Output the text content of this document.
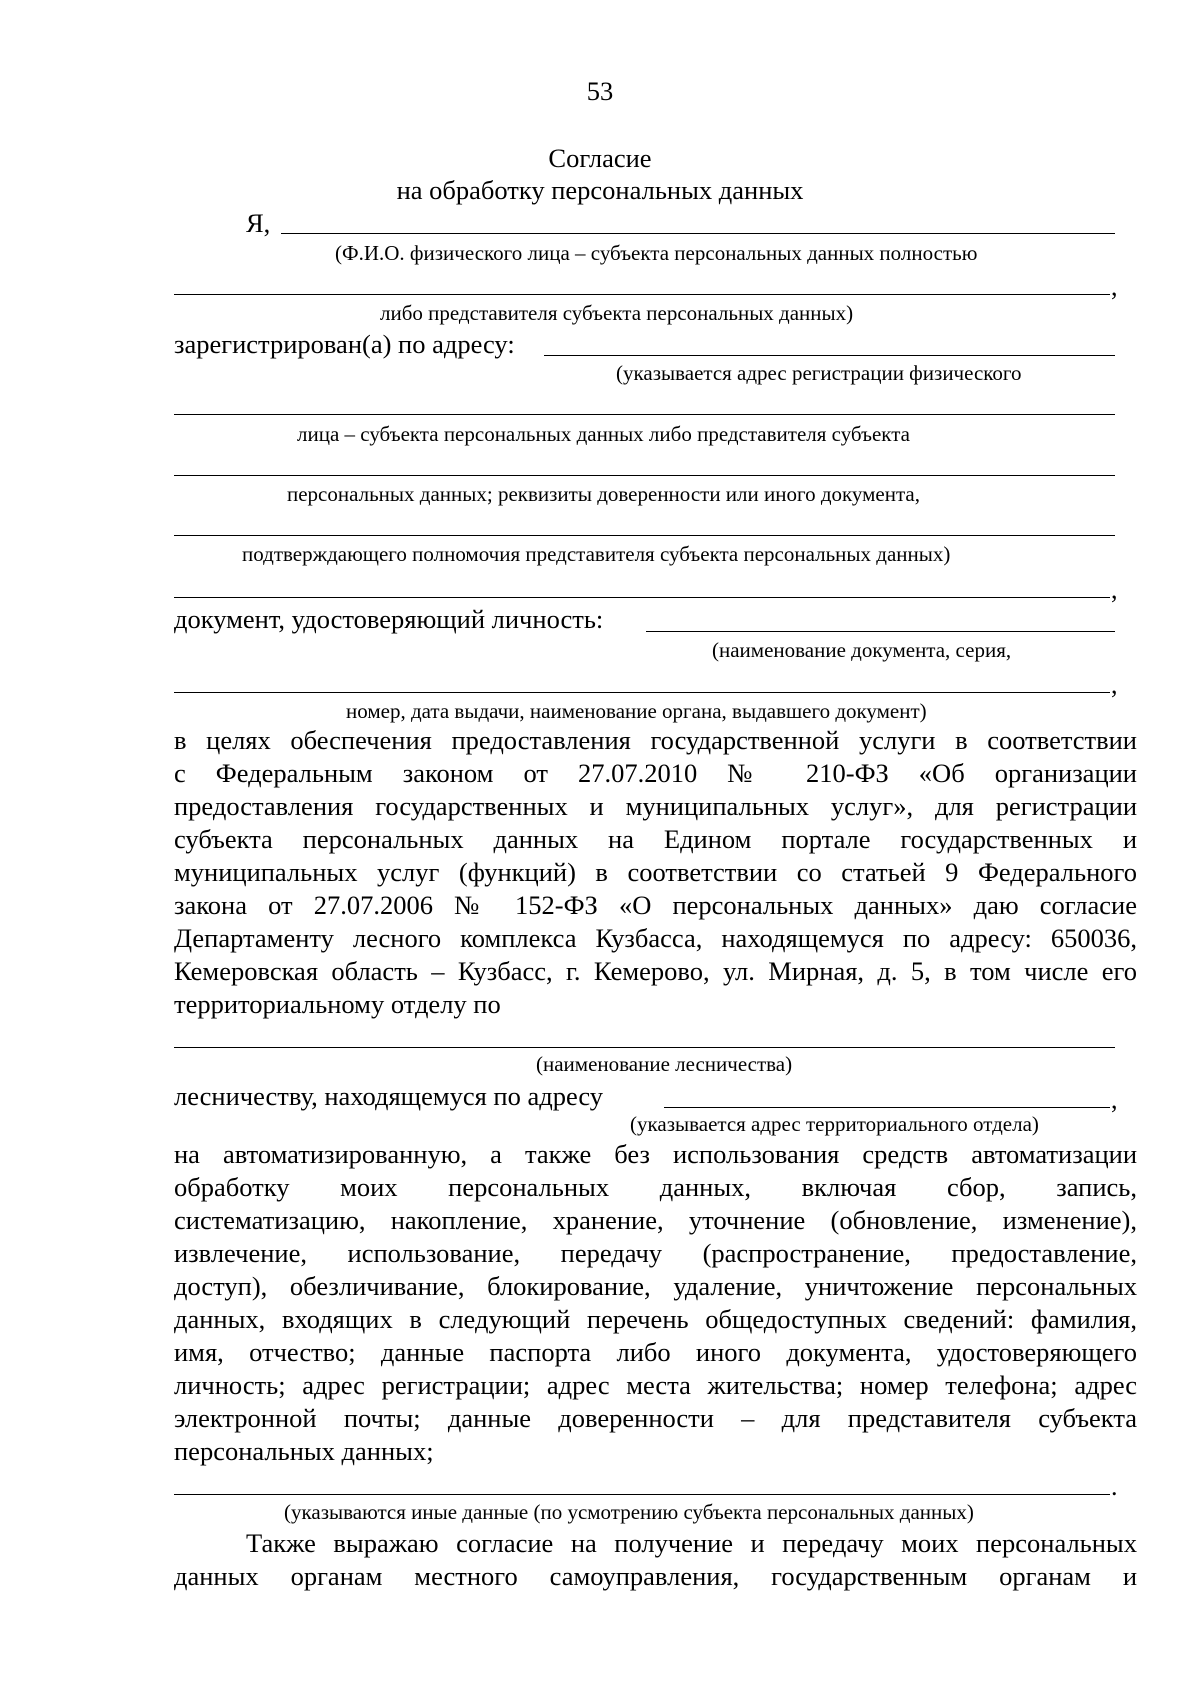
53
Согласие
на обработку персональных данных
Я,
(Ф.И.О. физического лица – субъекта персональных данных полностью
,
либо представителя субъекта персональных данных)
зарегистрирован(а) по адресу:
(указывается адрес регистрации физического
лица – субъекта персональных данных либо представителя субъекта
персональных данных; реквизиты доверенности или иного документа,
подтверждающего полномочия представителя субъекта персональных данных)
,
документ, удостоверяющий личность:
(наименование документа, серия,
,
номер, дата выдачи, наименование органа, выдавшего документ)
в целях обеспечения предоставления государственной услуги в соответствии
с Федеральным законом от 27.07.2010 № 210-ФЗ «Об организации
предоставления государственных и муниципальных услуг», для регистрации
субъекта персональных данных на Едином портале государственных и
муниципальных услуг (функций) в соответствии со статьей 9 Федерального
закона от 27.07.2006 № 152-ФЗ «О персональных данных» даю согласие
Департаменту лесного комплекса Кузбасса, находящемуся по адресу: 650036,
Кемеровская область – Кузбасс, г. Кемерово, ул. Мирная, д. 5, в том числе его
территориальному отделу по
(наименование лесничества)
лесничеству, находящемуся по адресу	,
(указывается адрес территориального отдела)
на автоматизированную, а также без использования средств автоматизации
обработку моих персональных данных, включая сбор, запись,
систематизацию, накопление, хранение, уточнение (обновление, изменение),
извлечение, использование, передачу (распространение, предоставление,
доступ), обезличивание, блокирование, удаление, уничтожение персональных
данных, входящих в следующий перечень общедоступных сведений: фамилия,
имя, отчество; данные паспорта либо иного документа, удостоверяющего
личность; адрес регистрации; адрес места жительства; номер телефона; адрес
электронной почты; данные доверенности – для представителя субъекта
персональных данных;
.
(указываются иные данные (по усмотрению субъекта персональных данных)
Также выражаю согласие на получение и передачу моих персональных
данных органам местного самоуправления, государственным органам и
